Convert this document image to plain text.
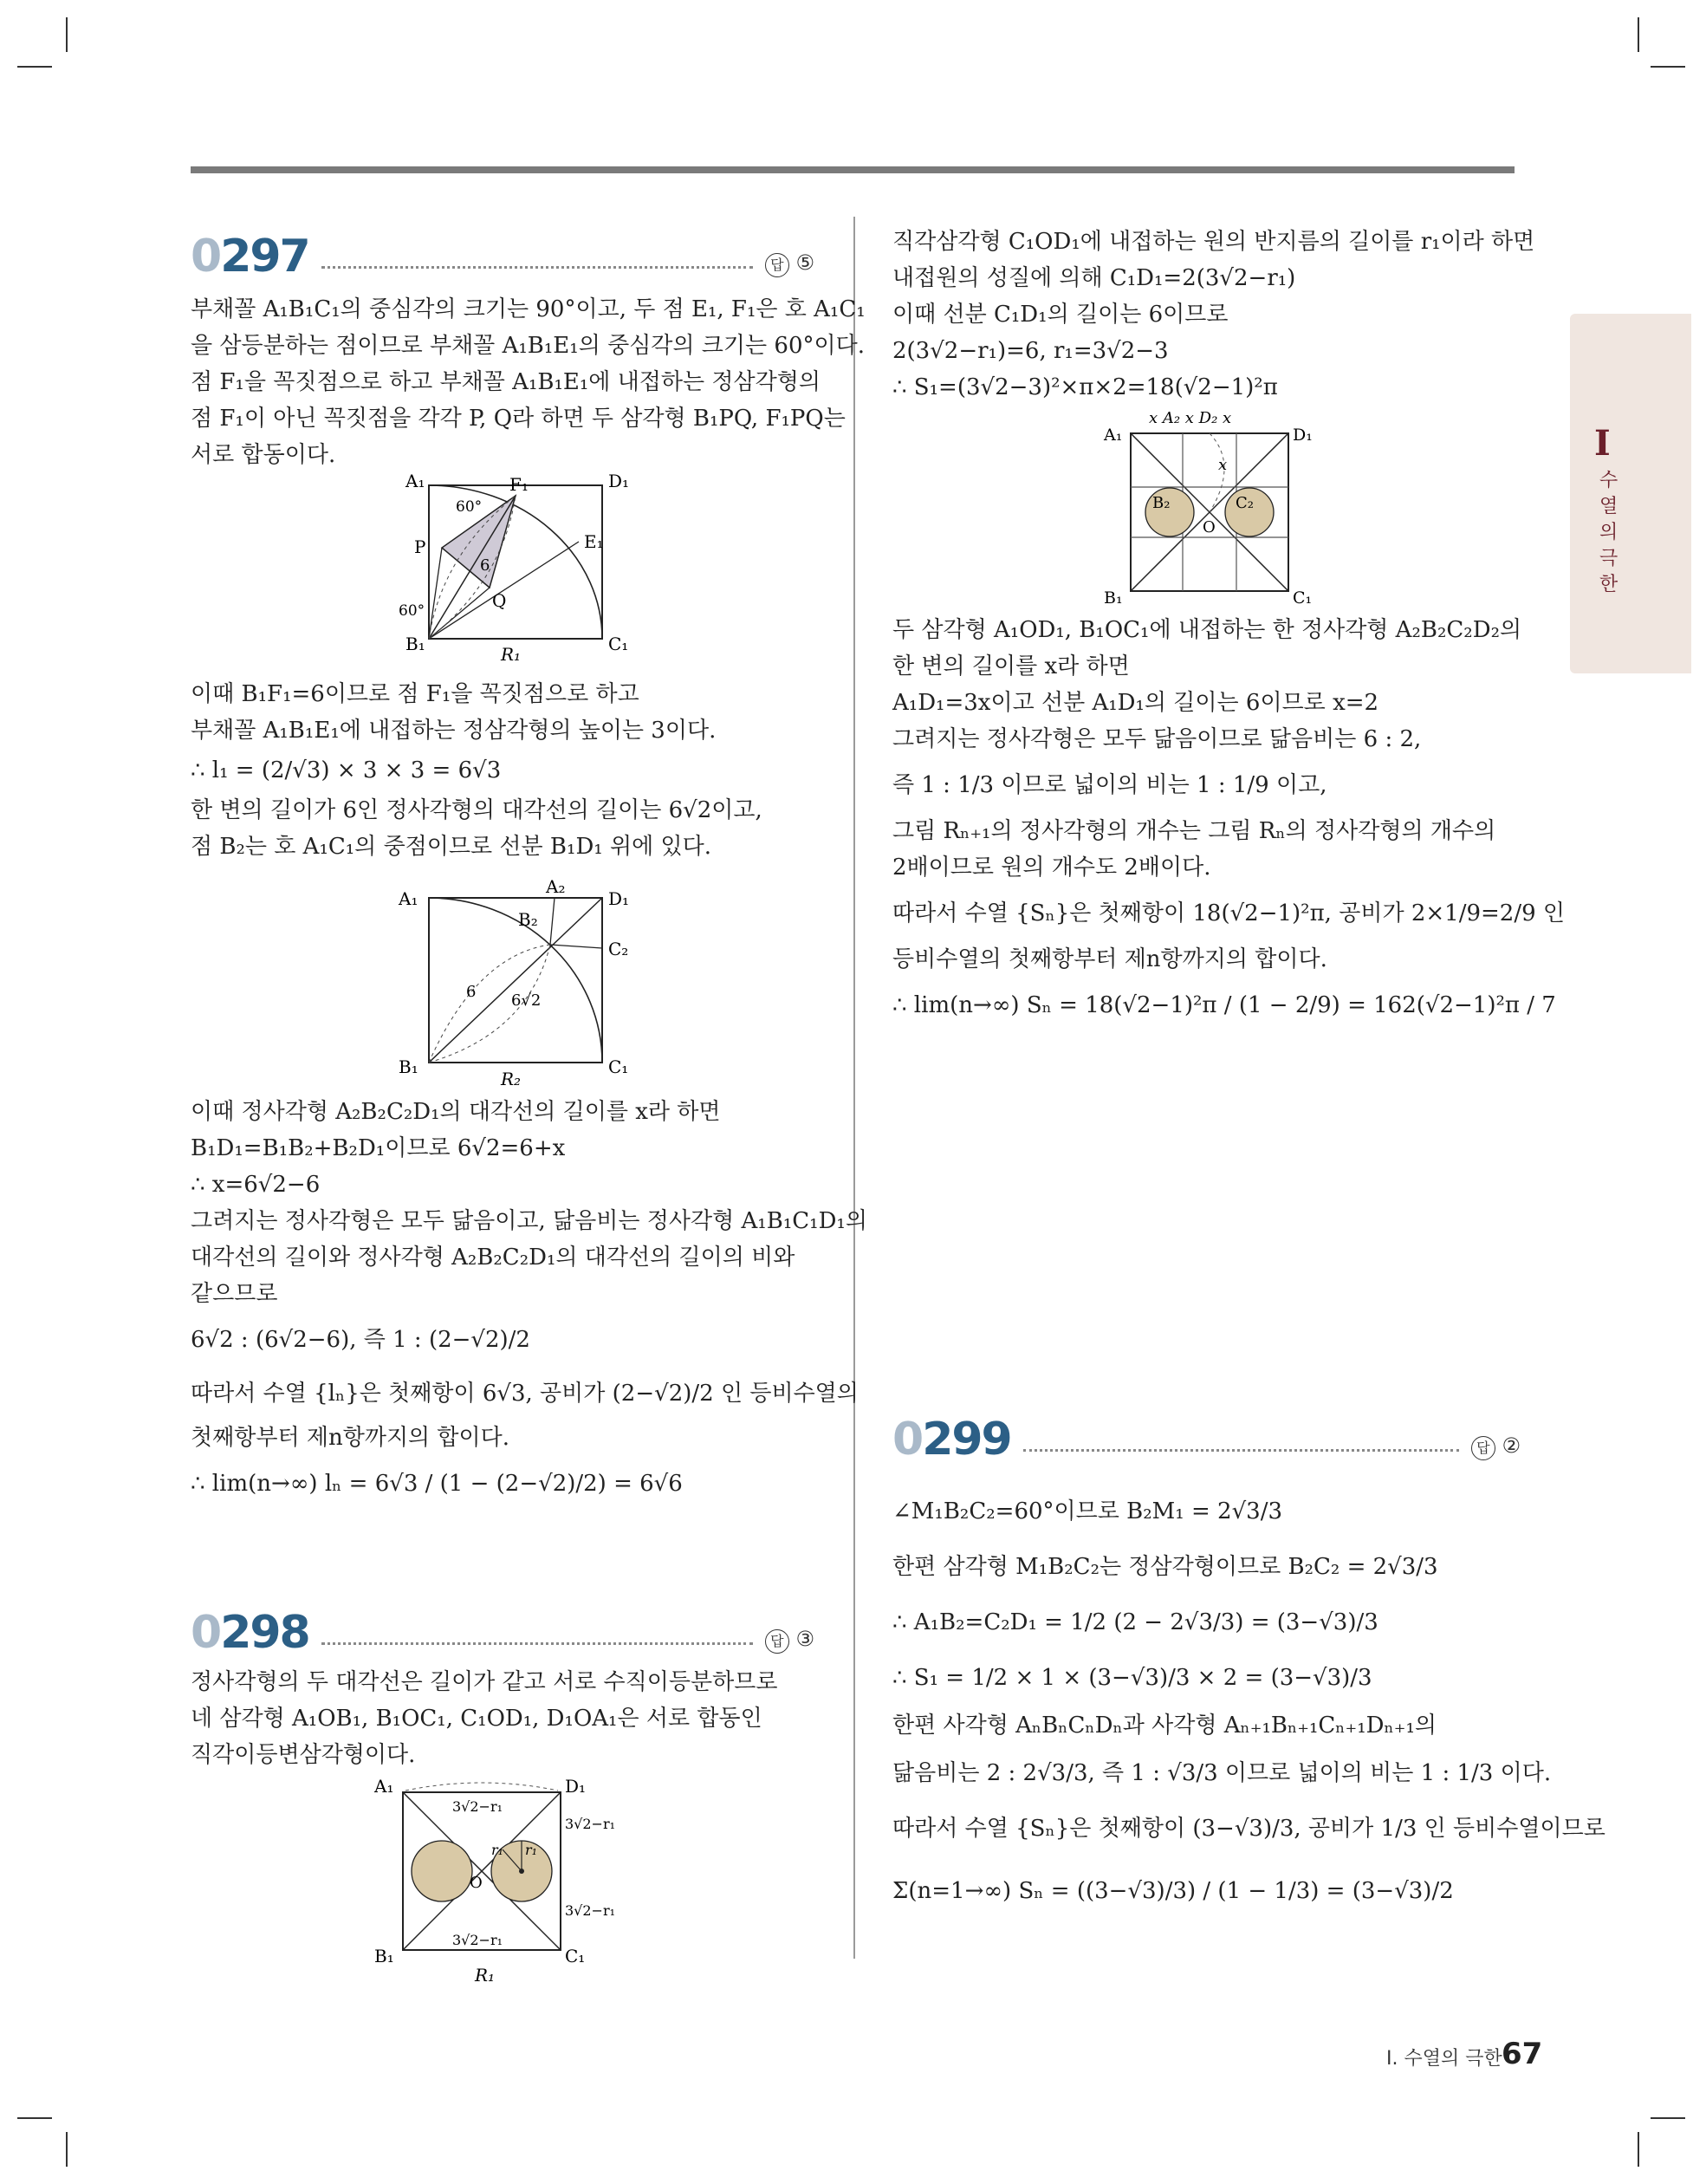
I
수열의 극한
0297	답 ⑤

부채꼴 A₁B₁C₁의 중심각의 크기는 90°이고, 두 점 E₁, F₁은 호 A₁C₁

을 삼등분하는 점이므로 부채꼴 A₁B₁E₁의 중심각의 크기는 60°이다.

점 F₁을 꼭짓점으로 하고 부채꼴 A₁B₁E₁에 내접하는 정삼각형의

점 F₁이 아닌 꼭짓점을 각각 P, Q라 하면 두 삼각형 B₁PQ, F₁PQ는

서로 합동이다.

A₁	D₁
B₁	C₁
F₁
E₁
P
Q
6
60°
60°
R₁

이때 B₁F₁=6이므로 점 F₁을 꼭짓점으로 하고

부채꼴 A₁B₁E₁에 내접하는 정삼각형의 높이는 3이다.

∴ l₁ = (2/√3) × 3 × 3 = 6√3

한 변의 길이가 6인 정사각형의 대각선의 길이는 6√2이고,

점 B₂는 호 A₁C₁의 중점이므로 선분 B₁D₁ 위에 있다.

A₁
A₂
D₁
B₂
C₂
B₁	C₁
6 6√2
R₂

이때 정사각형 A₂B₂C₂D₁의 대각선의 길이를 x라 하면

B₁D₁=B₁B₂+B₂D₁이므로 6√2=6+x

∴ x=6√2−6

그려지는 정사각형은 모두 닮음이고, 닮음비는 정사각형 A₁B₁C₁D₁의

대각선의 길이와 정사각형 A₂B₂C₂D₁의 대각선의 길이의 비와

같으므로

6√2 : (6√2−6), 즉 1 : (2−√2)/2

따라서 수열 {lₙ}은 첫째항이 6√3, 공비가 (2−√2)/2 인 등비수열의

첫째항부터 제n항까지의 합이다.

∴ lim(n→∞) lₙ = 6√3 / (1 − (2−√2)/2) = 6√6

0298	답 ③

정사각형의 두 대각선은 길이가 같고 서로 수직이등분하므로

네 삼각형 A₁OB₁, B₁OC₁, C₁OD₁, D₁OA₁은 서로 합동인

직각이등변삼각형이다.

A₁	D₁
B₁	C₁
O
3√2−r₁
3√2−r₁
3√2−r₁
3√2−r₁
r₁ r₁
R₁

직각삼각형 C₁OD₁에 내접하는 원의 반지름의 길이를 r₁이라 하면

내접원의 성질에 의해 C₁D₁=2(3√2−r₁)

이때 선분 C₁D₁의 길이는 6이므로

2(3√2−r₁)=6, r₁=3√2−3

∴ S₁=(3√2−3)²×π×2=18(√2−1)²π

A₁	D₁
B₁	C₁
x A₂ x D₂ x
x
B₂	C₂
O

두 삼각형 A₁OD₁, B₁OC₁에 내접하는 한 정사각형 A₂B₂C₂D₂의

한 변의 길이를 x라 하면

A₁D₁=3x이고 선분 A₁D₁의 길이는 6이므로 x=2

그려지는 정사각형은 모두 닮음이므로 닮음비는 6 : 2,

즉 1 : 1/3 이므로 넓이의 비는 1 : 1/9 이고,

그림 Rₙ₊₁의 정사각형의 개수는 그림 Rₙ의 정사각형의 개수의

2배이므로 원의 개수도 2배이다.

따라서 수열 {Sₙ}은 첫째항이 18(√2−1)²π, 공비가 2×1/9=2/9 인

등비수열의 첫째항부터 제n항까지의 합이다.

∴ lim(n→∞) Sₙ = 18(√2−1)²π / (1 − 2/9) = 162(√2−1)²π / 7

0299	답 ②

∠M₁B₂C₂=60°이므로 B₂M₁ = 2√3/3

한편 삼각형 M₁B₂C₂는 정삼각형이므로 B₂C₂ = 2√3/3

∴ A₁B₂=C₂D₁ = 1/2 (2 − 2√3/3) = (3−√3)/3

∴ S₁ = 1/2 × 1 × (3−√3)/3 × 2 = (3−√3)/3

한편 사각형 AₙBₙCₙDₙ과 사각형 Aₙ₊₁Bₙ₊₁Cₙ₊₁Dₙ₊₁의

닮음비는 2 : 2√3/3, 즉 1 : √3/3 이므로 넓이의 비는 1 : 1/3 이다.

따라서 수열 {Sₙ}은 첫째항이 (3−√3)/3, 공비가 1/3 인 등비수열이므로

Σ(n=1→∞) Sₙ = ((3−√3)/3) / (1 − 1/3) = (3−√3)/2

Ⅰ. 수열의 극한 67
